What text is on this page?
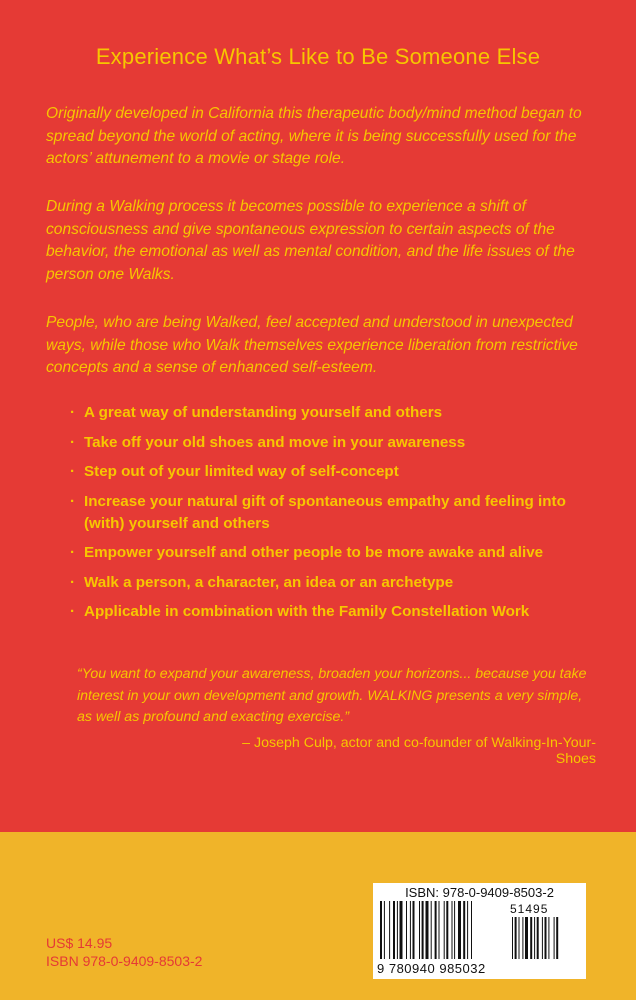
Experience What’s Like to Be Someone Else
Originally developed in California this therapeutic body/mind method began to spread beyond the world of acting, where it is being successfully used for the actors’ attunement to a movie or stage role.
During a Walking process it becomes possible to experience a shift of consciousness and give spontaneous expression to certain aspects of the behavior, the emotional as well as mental condition, and the life issues of the person one Walks.
People, who are being Walked, feel accepted and understood in unexpected ways, while those who Walk themselves experience liberation from restrictive concepts and a sense of enhanced self-esteem.
· A great way of understanding yourself and others
· Take off your old shoes and move in your awareness
· Step out of your limited way of self-concept
· Increase your natural gift of spontaneous empathy and feeling into (with) yourself and others
· Empower yourself and other people to be more awake and alive
· Walk a person, a character, an idea or an archetype
· Applicable in combination with the Family Constellation Work
“You want to expand your awareness, broaden your horizons... because you take interest in your own development and growth. WALKING presents a very simple, as well as profound and exacting exercise.”
– Joseph Culp, actor and co-founder of Walking-In-Your-Shoes
US$ 14.95
ISBN 978-0-9409-8503-2
ISBN: 978-0-9409-8503-2
51495
9 780940 985032
